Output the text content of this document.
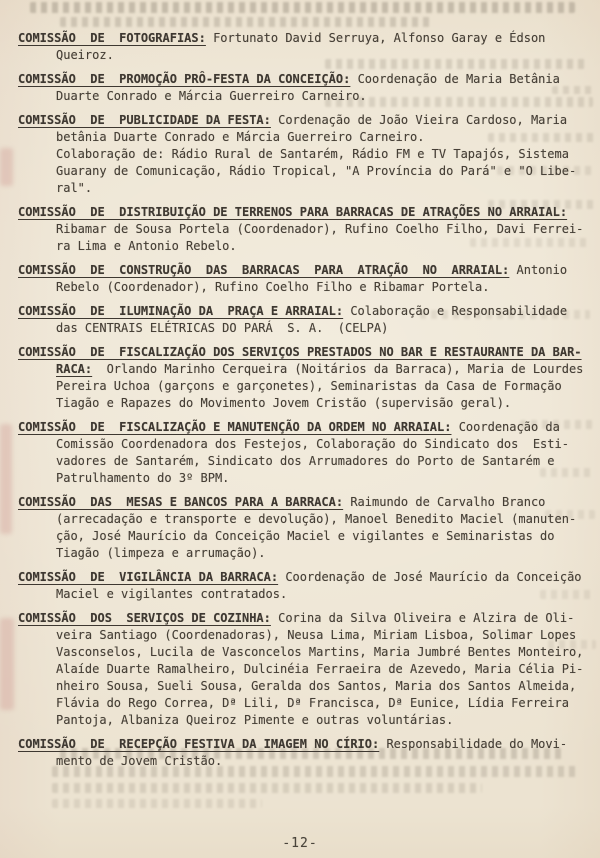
COMISSÃO  DE  FOTOGRAFIAS: Fortunato David Serruya, Alfonso Garay e Édson
Queiroz.
COMISSÃO  DE  PROMOÇÃO PRÔ-FESTA DA CONCEIÇÃO: Coordenação de Maria Betânia
Duarte Conrado e Márcia Guerreiro Carneiro.
COMISSÃO  DE  PUBLICIDADE DA FESTA: Cordenação de João Vieira Cardoso, Maria
betânia Duarte Conrado e Márcia Guerreiro Carneiro.
Colaboração de: Rádio Rural de Santarém, Rádio FM e TV Tapajós, Sistema
Guarany de Comunicação, Rádio Tropical, "A Província do Pará" e "O Libe-
ral".
COMISSÃO  DE  DISTRIBUIÇÃO DE TERRENOS PARA BARRACAS DE ATRAÇÕES NO ARRAIAL:
Ribamar de Sousa Portela (Coordenador), Rufino Coelho Filho, Davi Ferrei-
ra Lima e Antonio Rebelo.
COMISSÃO  DE  CONSTRUÇÃO  DAS  BARRACAS  PARA  ATRAÇÃO  NO  ARRAIAL: Antonio
Rebelo (Coordenador), Rufino Coelho Filho e Ribamar Portela.
COMISSÃO  DE  ILUMINAÇÃO DA  PRAÇA E ARRAIAL: Colaboração e Responsabilidade
das CENTRAIS ELÉTRICAS DO PARÁ  S. A.  (CELPA)
COMISSÃO  DE  FISCALIZAÇÃO DOS SERVIÇOS PRESTADOS NO BAR E RESTAURANTE DA BAR-
RACA:  Orlando Marinho Cerqueira (Noitários da Barraca), Maria de Lourdes
Pereira Uchoa (garçons e garçonetes), Seminaristas da Casa de Formação
Tiagão e Rapazes do Movimento Jovem Cristão (supervisão geral).
COMISSÃO  DE  FISCALIZAÇÃO E MANUTENÇÃO DA ORDEM NO ARRAIAL: Coordenação da
Comissão Coordenadora dos Festejos, Colaboração do Sindicato dos  Esti-
vadores de Santarém, Sindicato dos Arrumadores do Porto de Santarém e
Patrulhamento do 3º BPM.
COMISSÃO  DAS  MESAS E BANCOS PARA A BARRACA: Raimundo de Carvalho Branco
(arrecadação e transporte e devolução), Manoel Benedito Maciel (manuten-
ção, José Maurício da Conceição Maciel e vigilantes e Seminaristas do
Tiagão (limpeza e arrumação).
COMISSÃO  DE  VIGILÂNCIA DA BARRACA: Coordenação de José Maurício da Conceição
Maciel e vigilantes contratados.
COMISSÃO  DOS  SERVIÇOS DE COZINHA: Corina da Silva Oliveira e Alzira de Oli-
veira Santiago (Coordenadoras), Neusa Lima, Miriam Lisboa, Solimar Lopes
Vasconselos, Lucila de Vasconcelos Martins, Maria Jumbré Bentes Monteiro,
Alaíde Duarte Ramalheiro, Dulcinéia Ferraeira de Azevedo, Maria Célia Pi-
nheiro Sousa, Sueli Sousa, Geralda dos Santos, Maria dos Santos Almeida,
Flávia do Rego Correa, Dª Lili, Dª Francisca, Dª Eunice, Lídia Ferreira
Pantoja, Albaniza Queiroz Pimente e outras voluntárias.
COMISSÃO  DE  RECEPÇÃO FESTIVA DA IMAGEM NO CÍRIO: Responsabilidade do Movi-
mento de Jovem Cristão.
-12-
